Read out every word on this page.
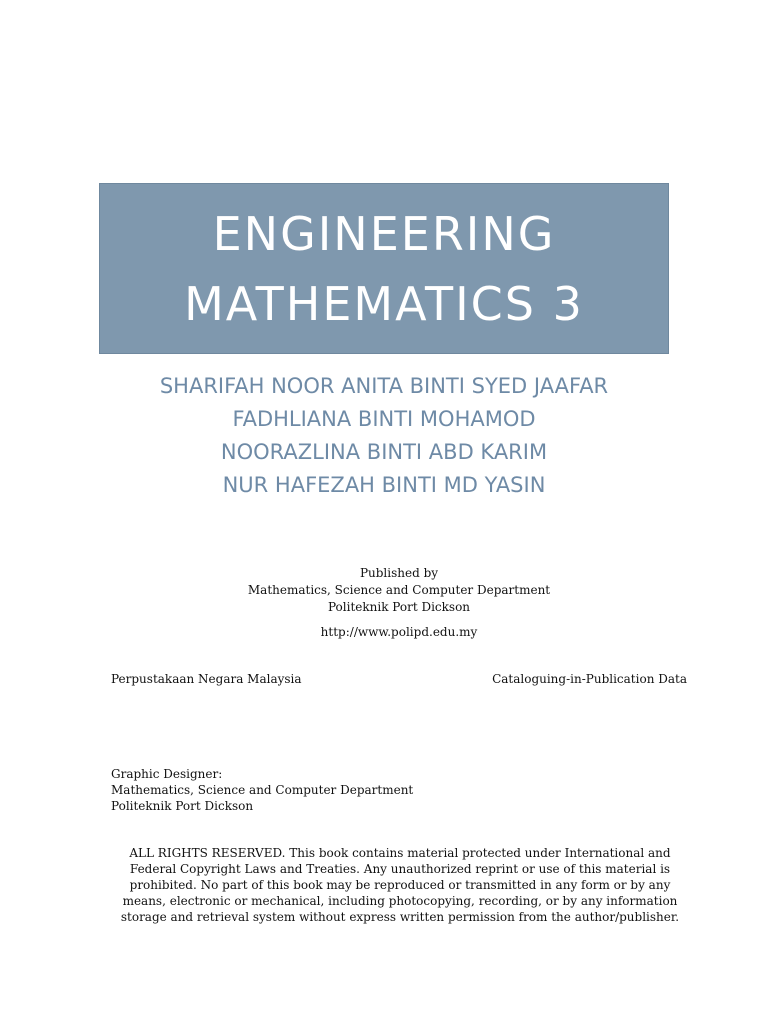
ENGINEERING
MATHEMATICS 3
SHARIFAH NOOR ANITA BINTI SYED JAAFAR
FADHLIANA BINTI MOHAMOD
NOORAZLINA BINTI ABD KARIM
NUR HAFEZAH BINTI MD YASIN
Published by
Mathematics, Science and Computer Department
Politeknik Port Dickson
http://www.polipd.edu.my
Perpustakaan Negara Malaysia	Cataloguing-in-Publication Data
Graphic Designer:
Mathematics, Science and Computer Department
Politeknik Port Dickson
ALL RIGHTS RESERVED. This book contains material protected under International and
Federal Copyright Laws and Treaties. Any unauthorized reprint or use of this material is
prohibited. No part of this book may be reproduced or transmitted in any form or by any
means, electronic or mechanical, including photocopying, recording, or by any information
storage and retrieval system without express written permission from the author/publisher.
